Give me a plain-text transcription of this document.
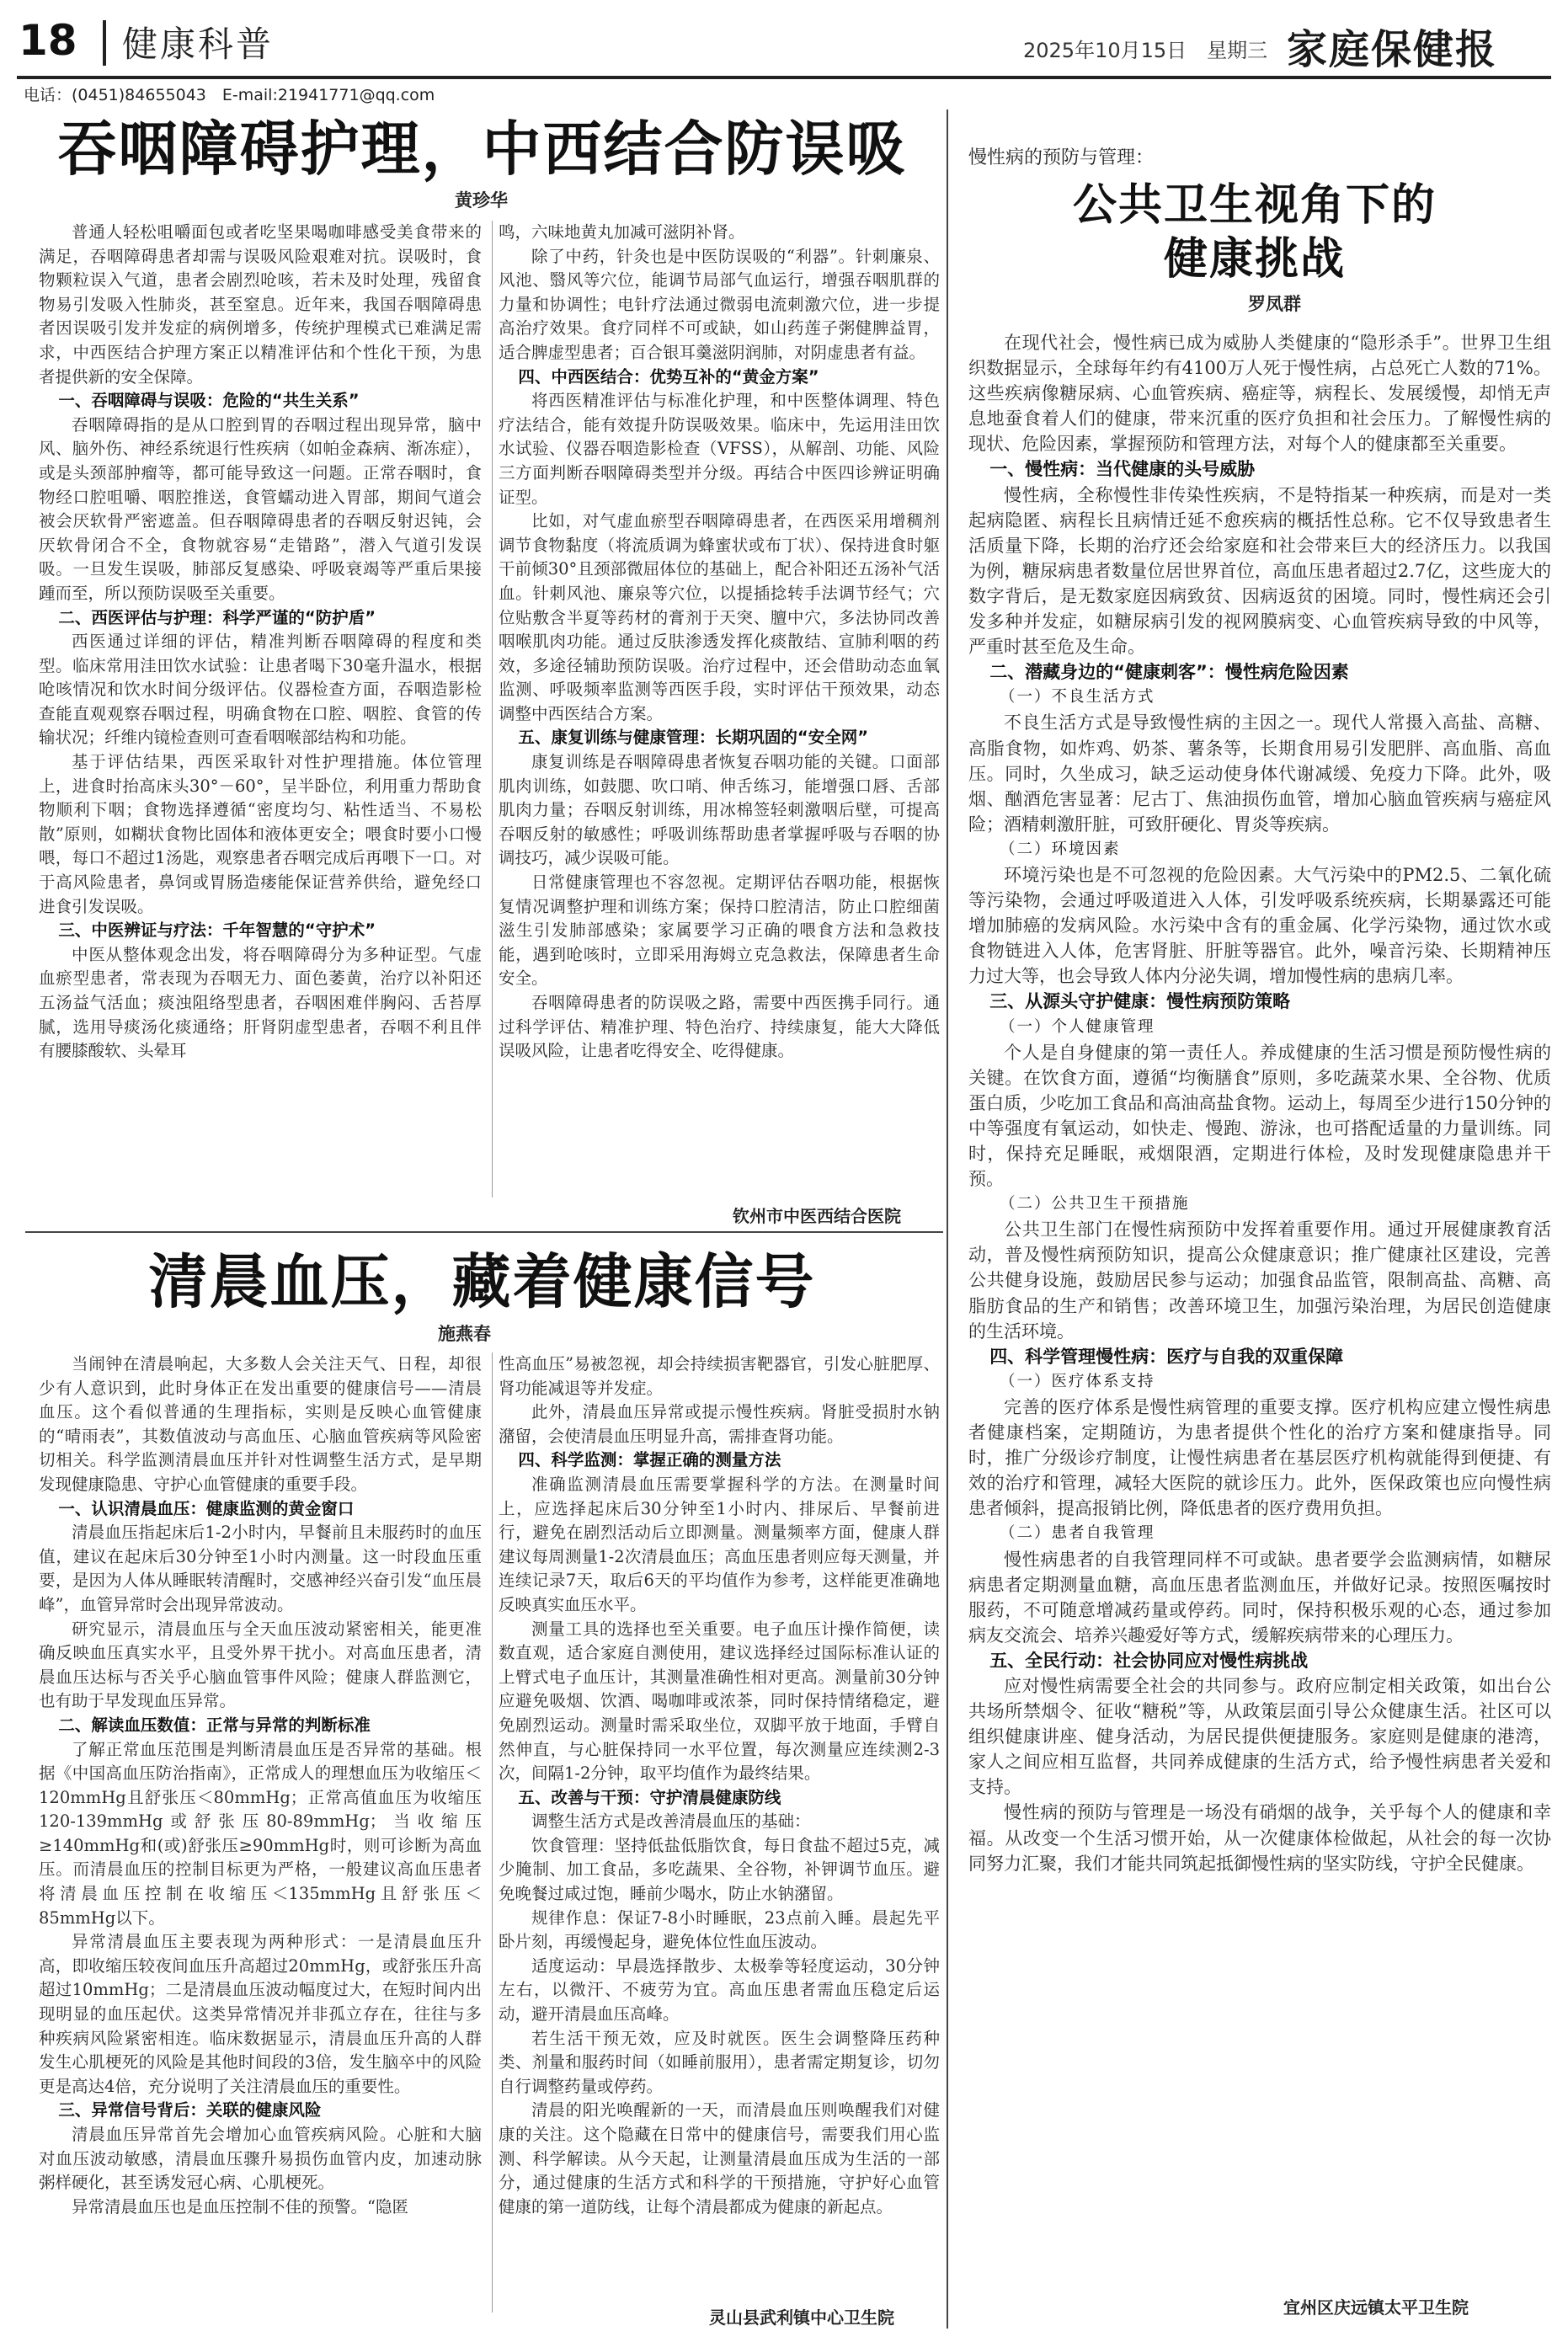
18 健康科普	2025年10月15日　星期三 家庭保健报
电话：(0451)84655043　E-mail:21941771@qq.com
吞咽障碍护理，中西结合防误吸
黄珍华

普通人轻松咀嚼面包或者吃坚果喝咖啡感受美食带来的满足，吞咽障碍患者却需与误吸风险艰难对抗。误吸时，食物颗粒误入气道，患者会剧烈呛咳，若未及时处理，残留食物易引发吸入性肺炎，甚至窒息。近年来，我国吞咽障碍患者因误吸引发并发症的病例增多，传统护理模式已难满足需求，中西医结合护理方案正以精准评估和个性化干预，为患者提供新的安全保障。

一、吞咽障碍与误吸：危险的“共生关系”

吞咽障碍指的是从口腔到胃的吞咽过程出现异常，脑中风、脑外伤、神经系统退行性疾病（如帕金森病、渐冻症），或是头颈部肿瘤等，都可能导致这一问题。正常吞咽时，食物经口腔咀嚼、咽腔推送，食管蠕动进入胃部，期间气道会被会厌软骨严密遮盖。但吞咽障碍患者的吞咽反射迟钝，会厌软骨闭合不全，食物就容易“走错路”，潜入气道引发误吸。一旦发生误吸，肺部反复感染、呼吸衰竭等严重后果接踵而至，所以预防误吸至关重要。

二、西医评估与护理：科学严谨的“防护盾”

西医通过详细的评估，精准判断吞咽障碍的程度和类型。临床常用洼田饮水试验：让患者喝下30毫升温水，根据呛咳情况和饮水时间分级评估。仪器检查方面，吞咽造影检查能直观观察吞咽过程，明确食物在口腔、咽腔、食管的传输状况；纤维内镜检查则可查看咽喉部结构和功能。

基于评估结果，西医采取针对性护理措施。体位管理上，进食时抬高床头30°－60°，呈半卧位，利用重力帮助食物顺利下咽；食物选择遵循“密度均匀、粘性适当、不易松散”原则，如糊状食物比固体和液体更安全；喂食时要小口慢喂，每口不超过1汤匙，观察患者吞咽完成后再喂下一口。对于高风险患者，鼻饲或胃肠造瘘能保证营养供给，避免经口进食引发误吸。

三、中医辨证与疗法：千年智慧的“守护术”

中医从整体观念出发，将吞咽障碍分为多种证型。气虚血瘀型患者，常表现为吞咽无力、面色萎黄，治疗以补阳还五汤益气活血；痰浊阻络型患者，吞咽困难伴胸闷、舌苔厚腻，选用导痰汤化痰通络；肝肾阴虚型患者，吞咽不利且伴有腰膝酸软、头晕耳

鸣，六味地黄丸加减可滋阴补肾。

除了中药，针灸也是中医防误吸的“利器”。针刺廉泉、风池、翳风等穴位，能调节局部气血运行，增强吞咽肌群的力量和协调性；电针疗法通过微弱电流刺激穴位，进一步提高治疗效果。食疗同样不可或缺，如山药莲子粥健脾益胃，适合脾虚型患者；百合银耳羹滋阴润肺，对阴虚患者有益。

四、中西医结合：优势互补的“黄金方案”

将西医精准评估与标准化护理，和中医整体调理、特色疗法结合，能有效提升防误吸效果。临床中，先运用洼田饮水试验、仪器吞咽造影检查（VFSS），从解剖、功能、风险三方面判断吞咽障碍类型并分级。再结合中医四诊辨证明确证型。

比如，对气虚血瘀型吞咽障碍患者，在西医采用增稠剂调节食物黏度（将流质调为蜂蜜状或布丁状）、保持进食时躯干前倾30°且颈部微屈体位的基础上，配合补阳还五汤补气活血。针刺风池、廉泉等穴位，以提插捻转手法调节经气；穴位贴敷含半夏等药材的膏剂于天突、膻中穴，多法协同改善咽喉肌肉功能。通过反肤渗透发挥化痰散结、宣肺利咽的药效，多途径辅助预防误吸。治疗过程中，还会借助动态血氧监测、呼吸频率监测等西医手段，实时评估干预效果，动态调整中西医结合方案。

五、康复训练与健康管理：长期巩固的“安全网”

康复训练是吞咽障碍患者恢复吞咽功能的关键。口面部肌肉训练，如鼓腮、吹口哨、伸舌练习，能增强口唇、舌部肌肉力量；吞咽反射训练，用冰棉签轻刺激咽后壁，可提高吞咽反射的敏感性；呼吸训练帮助患者掌握呼吸与吞咽的协调技巧，减少误吸可能。

日常健康管理也不容忽视。定期评估吞咽功能，根据恢复情况调整护理和训练方案；保持口腔清洁，防止口腔细菌滋生引发肺部感染；家属要学习正确的喂食方法和急救技能，遇到呛咳时，立即采用海姆立克急救法，保障患者生命安全。

吞咽障碍患者的防误吸之路，需要中西医携手同行。通过科学评估、精准护理、特色治疗、持续康复，能大大降低误吸风险，让患者吃得安全、吃得健康。

钦州市中医西结合医院
清晨血压，藏着健康信号
施燕春

当闹钟在清晨响起，大多数人会关注天气、日程，却很少有人意识到，此时身体正在发出重要的健康信号——清晨血压。这个看似普通的生理指标，实则是反映心血管健康的“晴雨表”，其数值波动与高血压、心脑血管疾病等风险密切相关。科学监测清晨血压并针对性调整生活方式，是早期发现健康隐患、守护心血管健康的重要手段。

一、认识清晨血压：健康监测的黄金窗口

清晨血压指起床后1-2小时内，早餐前且未服药时的血压值，建议在起床后30分钟至1小时内测量。这一时段血压重要，是因为人体从睡眠转清醒时，交感神经兴奋引发“血压晨峰”，血管异常时会出现异常波动。

研究显示，清晨血压与全天血压波动紧密相关，能更准确反映血压真实水平，且受外界干扰小。对高血压患者，清晨血压达标与否关乎心脑血管事件风险；健康人群监测它，也有助于早发现血压异常。

二、解读血压数值：正常与异常的判断标准

了解正常血压范围是判断清晨血压是否异常的基础。根据《中国高血压防治指南》，正常成人的理想血压为收缩压＜120mmHg且舒张压＜80mmHg；正常高值血压为收缩压120-139mmHg或舒张压80-89mmHg；当收缩压≥140mmHg和(或)舒张压≥90mmHg时，则可诊断为高血压。而清晨血压的控制目标更为严格，一般建议高血压患者将清晨血压控制在收缩压＜135mmHg且舒张压＜85mmHg以下。

异常清晨血压主要表现为两种形式：一是清晨血压升高，即收缩压较夜间血压升高超过20mmHg，或舒张压升高超过10mmHg；二是清晨血压波动幅度过大，在短时间内出现明显的血压起伏。这类异常情况并非孤立存在，往往与多种疾病风险紧密相连。临床数据显示，清晨血压升高的人群发生心肌梗死的风险是其他时间段的3倍，发生脑卒中的风险更是高达4倍，充分说明了关注清晨血压的重要性。

三、异常信号背后：关联的健康风险

清晨血压异常首先会增加心血管疾病风险。心脏和大脑对血压波动敏感，清晨血压骤升易损伤血管内皮，加速动脉粥样硬化，甚至诱发冠心病、心肌梗死。

异常清晨血压也是血压控制不佳的预警。“隐匿

性高血压”易被忽视，却会持续损害靶器官，引发心脏肥厚、肾功能减退等并发症。

此外，清晨血压异常或提示慢性疾病。肾脏受损肘水钠潴留，会使清晨血压明显升高，需排查肾功能。

四、科学监测：掌握正确的测量方法

准确监测清晨血压需要掌握科学的方法。在测量时间上，应选择起床后30分钟至1小时内、排尿后、早餐前进行，避免在剧烈活动后立即测量。测量频率方面，健康人群建议每周测量1-2次清晨血压；高血压患者则应每天测量，并连续记录7天，取后6天的平均值作为参考，这样能更准确地反映真实血压水平。

测量工具的选择也至关重要。电子血压计操作简便，读数直观，适合家庭自测使用，建议选择经过国际标准认证的上臂式电子血压计，其测量准确性相对更高。测量前30分钟应避免吸烟、饮酒、喝咖啡或浓茶，同时保持情绪稳定，避免剧烈运动。测量时需采取坐位，双脚平放于地面，手臂自然伸直，与心脏保持同一水平位置，每次测量应连续测2-3次，间隔1-2分钟，取平均值作为最终结果。

五、改善与干预：守护清晨健康防线

调整生活方式是改善清晨血压的基础：

饮食管理：坚持低盐低脂饮食，每日食盐不超过5克，减少腌制、加工食品，多吃蔬果、全谷物，补钾调节血压。避免晚餐过咸过饱，睡前少喝水，防止水钠潴留。

规律作息：保证7-8小时睡眠，23点前入睡。晨起先平卧片刻，再缓慢起身，避免体位性血压波动。

适度运动：早晨选择散步、太极拳等轻度运动，30分钟左右，以微汗、不疲劳为宜。高血压患者需血压稳定后运动，避开清晨血压高峰。

若生活干预无效，应及时就医。医生会调整降压药种类、剂量和服药时间（如睡前服用），患者需定期复诊，切勿自行调整药量或停药。

清晨的阳光唤醒新的一天，而清晨血压则唤醒我们对健康的关注。这个隐藏在日常中的健康信号，需要我们用心监测、科学解读。从今天起，让测量清晨血压成为生活的一部分，通过健康的生活方式和科学的干预措施，守护好心血管健康的第一道防线，让每个清晨都成为健康的新起点。

灵山县武利镇中心卫生院
慢性病的预防与管理：
公共卫生视角下的
健康挑战
罗凤群

在现代社会，慢性病已成为威胁人类健康的“隐形杀手”。世界卫生组织数据显示，全球每年约有4100万人死于慢性病，占总死亡人数的71%。这些疾病像糖尿病、心血管疾病、癌症等，病程长、发展缓慢，却悄无声息地蚕食着人们的健康，带来沉重的医疗负担和社会压力。了解慢性病的现状、危险因素，掌握预防和管理方法，对每个人的健康都至关重要。

一、慢性病：当代健康的头号威胁

慢性病，全称慢性非传染性疾病，不是特指某一种疾病，而是对一类起病隐匿、病程长且病情迁延不愈疾病的概括性总称。它不仅导致患者生活质量下降，长期的治疗还会给家庭和社会带来巨大的经济压力。以我国为例，糖尿病患者数量位居世界首位，高血压患者超过2.7亿，这些庞大的数字背后，是无数家庭因病致贫、因病返贫的困境。同时，慢性病还会引发多种并发症，如糖尿病引发的视网膜病变、心血管疾病导致的中风等，严重时甚至危及生命。

二、潜藏身边的“健康刺客”：慢性病危险因素

（一）不良生活方式

不良生活方式是导致慢性病的主因之一。现代人常摄入高盐、高糖、高脂食物，如炸鸡、奶茶、薯条等，长期食用易引发肥胖、高血脂、高血压。同时，久坐成习，缺乏运动使身体代谢减缓、免疫力下降。此外，吸烟、酗酒危害显著：尼古丁、焦油损伤血管，增加心脑血管疾病与癌症风险；酒精刺激肝脏，可致肝硬化、胃炎等疾病。

（二）环境因素

环境污染也是不可忽视的危险因素。大气污染中的PM2.5、二氧化硫等污染物，会通过呼吸道进入人体，引发呼吸系统疾病，长期暴露还可能增加肺癌的发病风险。水污染中含有的重金属、化学污染物，通过饮水或食物链进入人体，危害肾脏、肝脏等器官。此外，噪音污染、长期精神压力过大等，也会导致人体内分泌失调，增加慢性病的患病几率。

三、从源头守护健康：慢性病预防策略

（一）个人健康管理

个人是自身健康的第一责任人。养成健康的生活习惯是预防慢性病的关键。在饮食方面，遵循“均衡膳食”原则，多吃蔬菜水果、全谷物、优质蛋白质，少吃加工食品和高油高盐食物。运动上，每周至少进行150分钟的中等强度有氧运动，如快走、慢跑、游泳，也可搭配适量的力量训练。同时，保持充足睡眠，戒烟限酒，定期进行体检，及时发现健康隐患并干预。

（二）公共卫生干预措施

公共卫生部门在慢性病预防中发挥着重要作用。通过开展健康教育活动，普及慢性病预防知识，提高公众健康意识；推广健康社区建设，完善公共健身设施，鼓励居民参与运动；加强食品监管，限制高盐、高糖、高脂肪食品的生产和销售；改善环境卫生，加强污染治理，为居民创造健康的生活环境。

四、科学管理慢性病：医疗与自我的双重保障

（一）医疗体系支持

完善的医疗体系是慢性病管理的重要支撑。医疗机构应建立慢性病患者健康档案，定期随访，为患者提供个性化的治疗方案和健康指导。同时，推广分级诊疗制度，让慢性病患者在基层医疗机构就能得到便捷、有效的治疗和管理，减轻大医院的就诊压力。此外，医保政策也应向慢性病患者倾斜，提高报销比例，降低患者的医疗费用负担。

（二）患者自我管理

慢性病患者的自我管理同样不可或缺。患者要学会监测病情，如糖尿病患者定期测量血糖，高血压患者监测血压，并做好记录。按照医嘱按时服药，不可随意增减药量或停药。同时，保持积极乐观的心态，通过参加病友交流会、培养兴趣爱好等方式，缓解疾病带来的心理压力。

五、全民行动：社会协同应对慢性病挑战

应对慢性病需要全社会的共同参与。政府应制定相关政策，如出台公共场所禁烟令、征收“糖税”等，从政策层面引导公众健康生活。社区可以组织健康讲座、健身活动，为居民提供便捷服务。家庭则是健康的港湾，家人之间应相互监督，共同养成健康的生活方式，给予慢性病患者关爱和支持。

慢性病的预防与管理是一场没有硝烟的战争，关乎每个人的健康和幸福。从改变一个生活习惯开始，从一次健康体检做起，从社会的每一次协同努力汇聚，我们才能共同筑起抵御慢性病的坚实防线，守护全民健康。

宜州区庆远镇太平卫生院
